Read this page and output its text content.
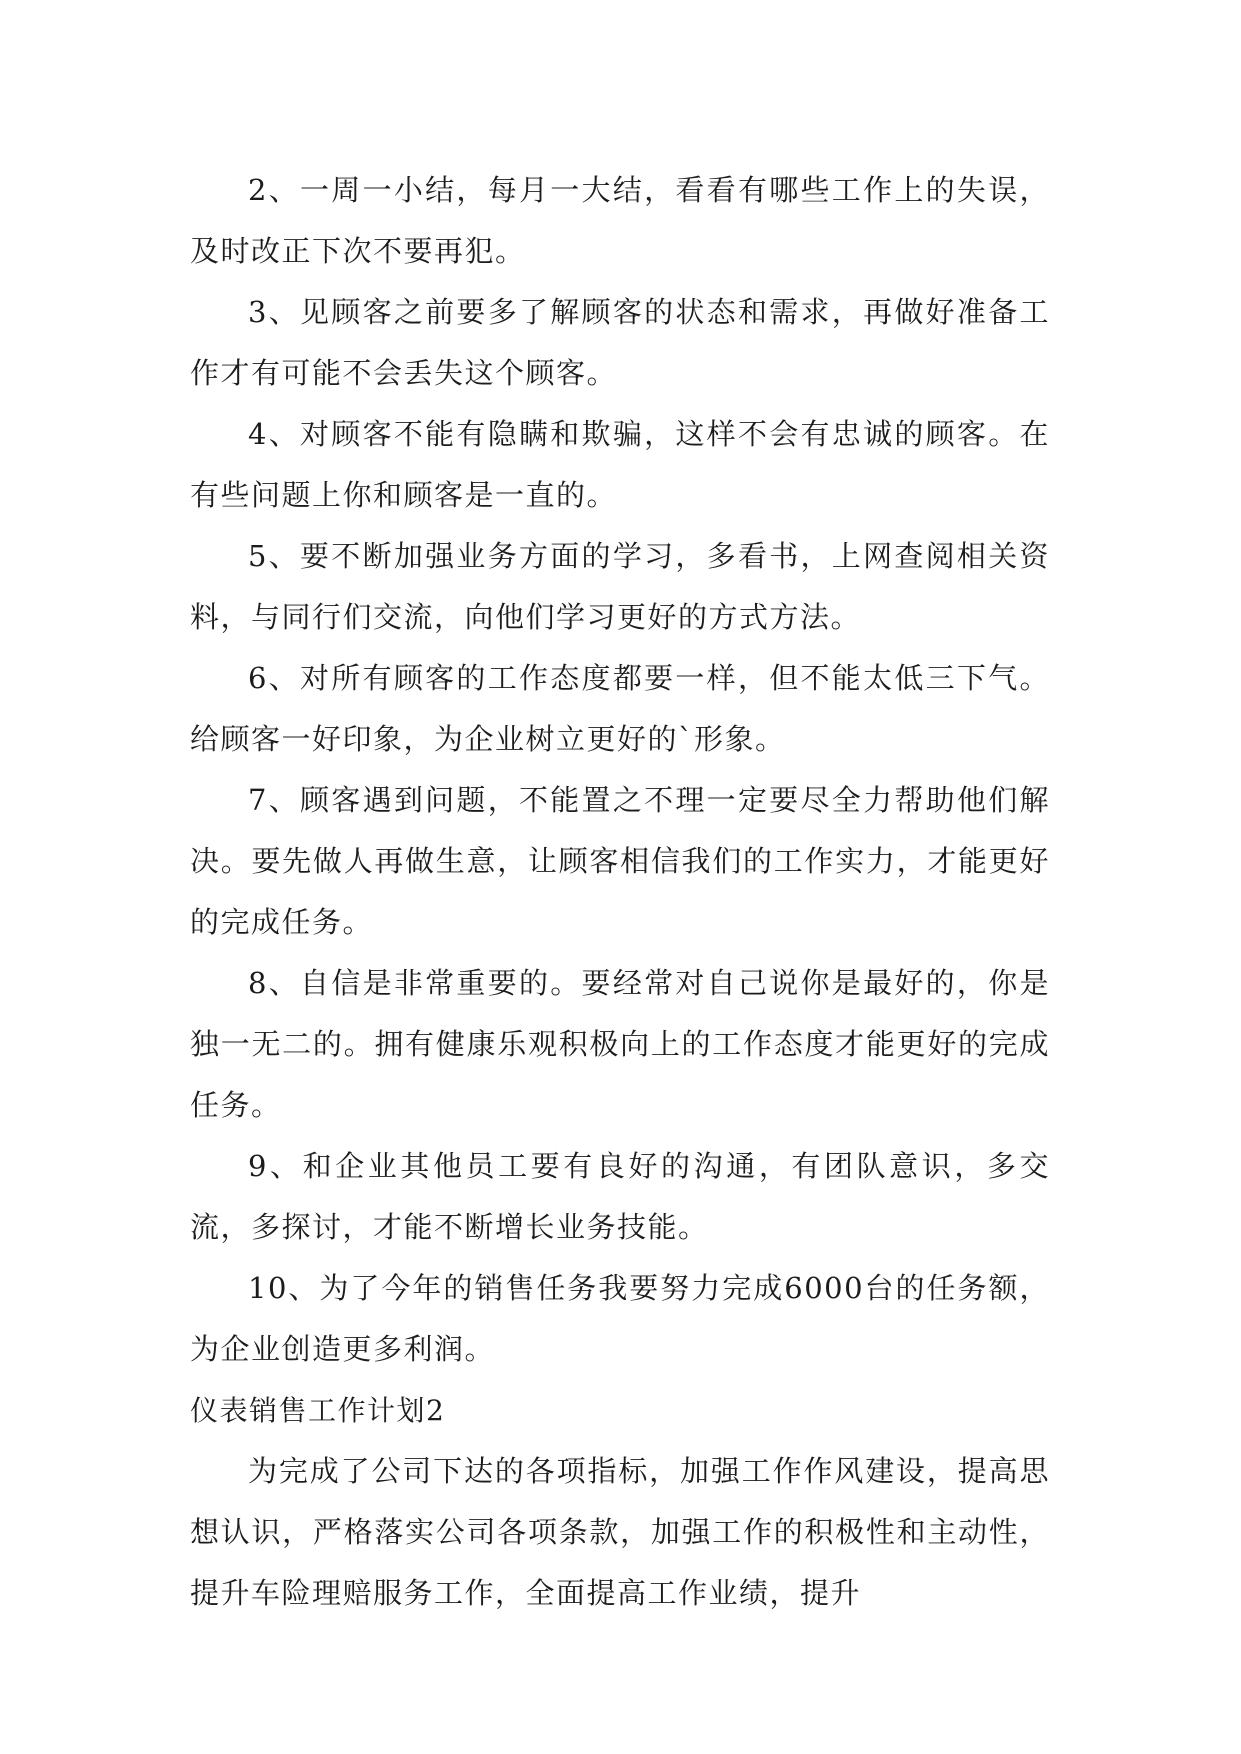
2、一周一小结，每月一大结，看看有哪些工作上的失误，及时改正下次不要再犯。

3、见顾客之前要多了解顾客的状态和需求，再做好准备工作才有可能不会丢失这个顾客。

4、对顾客不能有隐瞒和欺骗，这样不会有忠诚的顾客。在有些问题上你和顾客是一直的。

5、要不断加强业务方面的学习，多看书，上网查阅相关资料，与同行们交流，向他们学习更好的方式方法。

6、对所有顾客的工作态度都要一样，但不能太低三下气。给顾客一好印象，为企业树立更好的`形象。

7、顾客遇到问题，不能置之不理一定要尽全力帮助他们解决。要先做人再做生意，让顾客相信我们的工作实力，才能更好的完成任务。

8、自信是非常重要的。要经常对自己说你是最好的，你是独一无二的。拥有健康乐观积极向上的工作态度才能更好的完成任务。

9、和企业其他员工要有良好的沟通，有团队意识，多交流，多探讨，才能不断增长业务技能。

10、为了今年的销售任务我要努力完成6000台的任务额，为企业创造更多利润。

仪表销售工作计划2

为完成了公司下达的各项指标，加强工作作风建设，提高思想认识，严格落实公司各项条款，加强工作的积极性和主动性，提升车险理赔服务工作，全面提高工作业绩，提升
